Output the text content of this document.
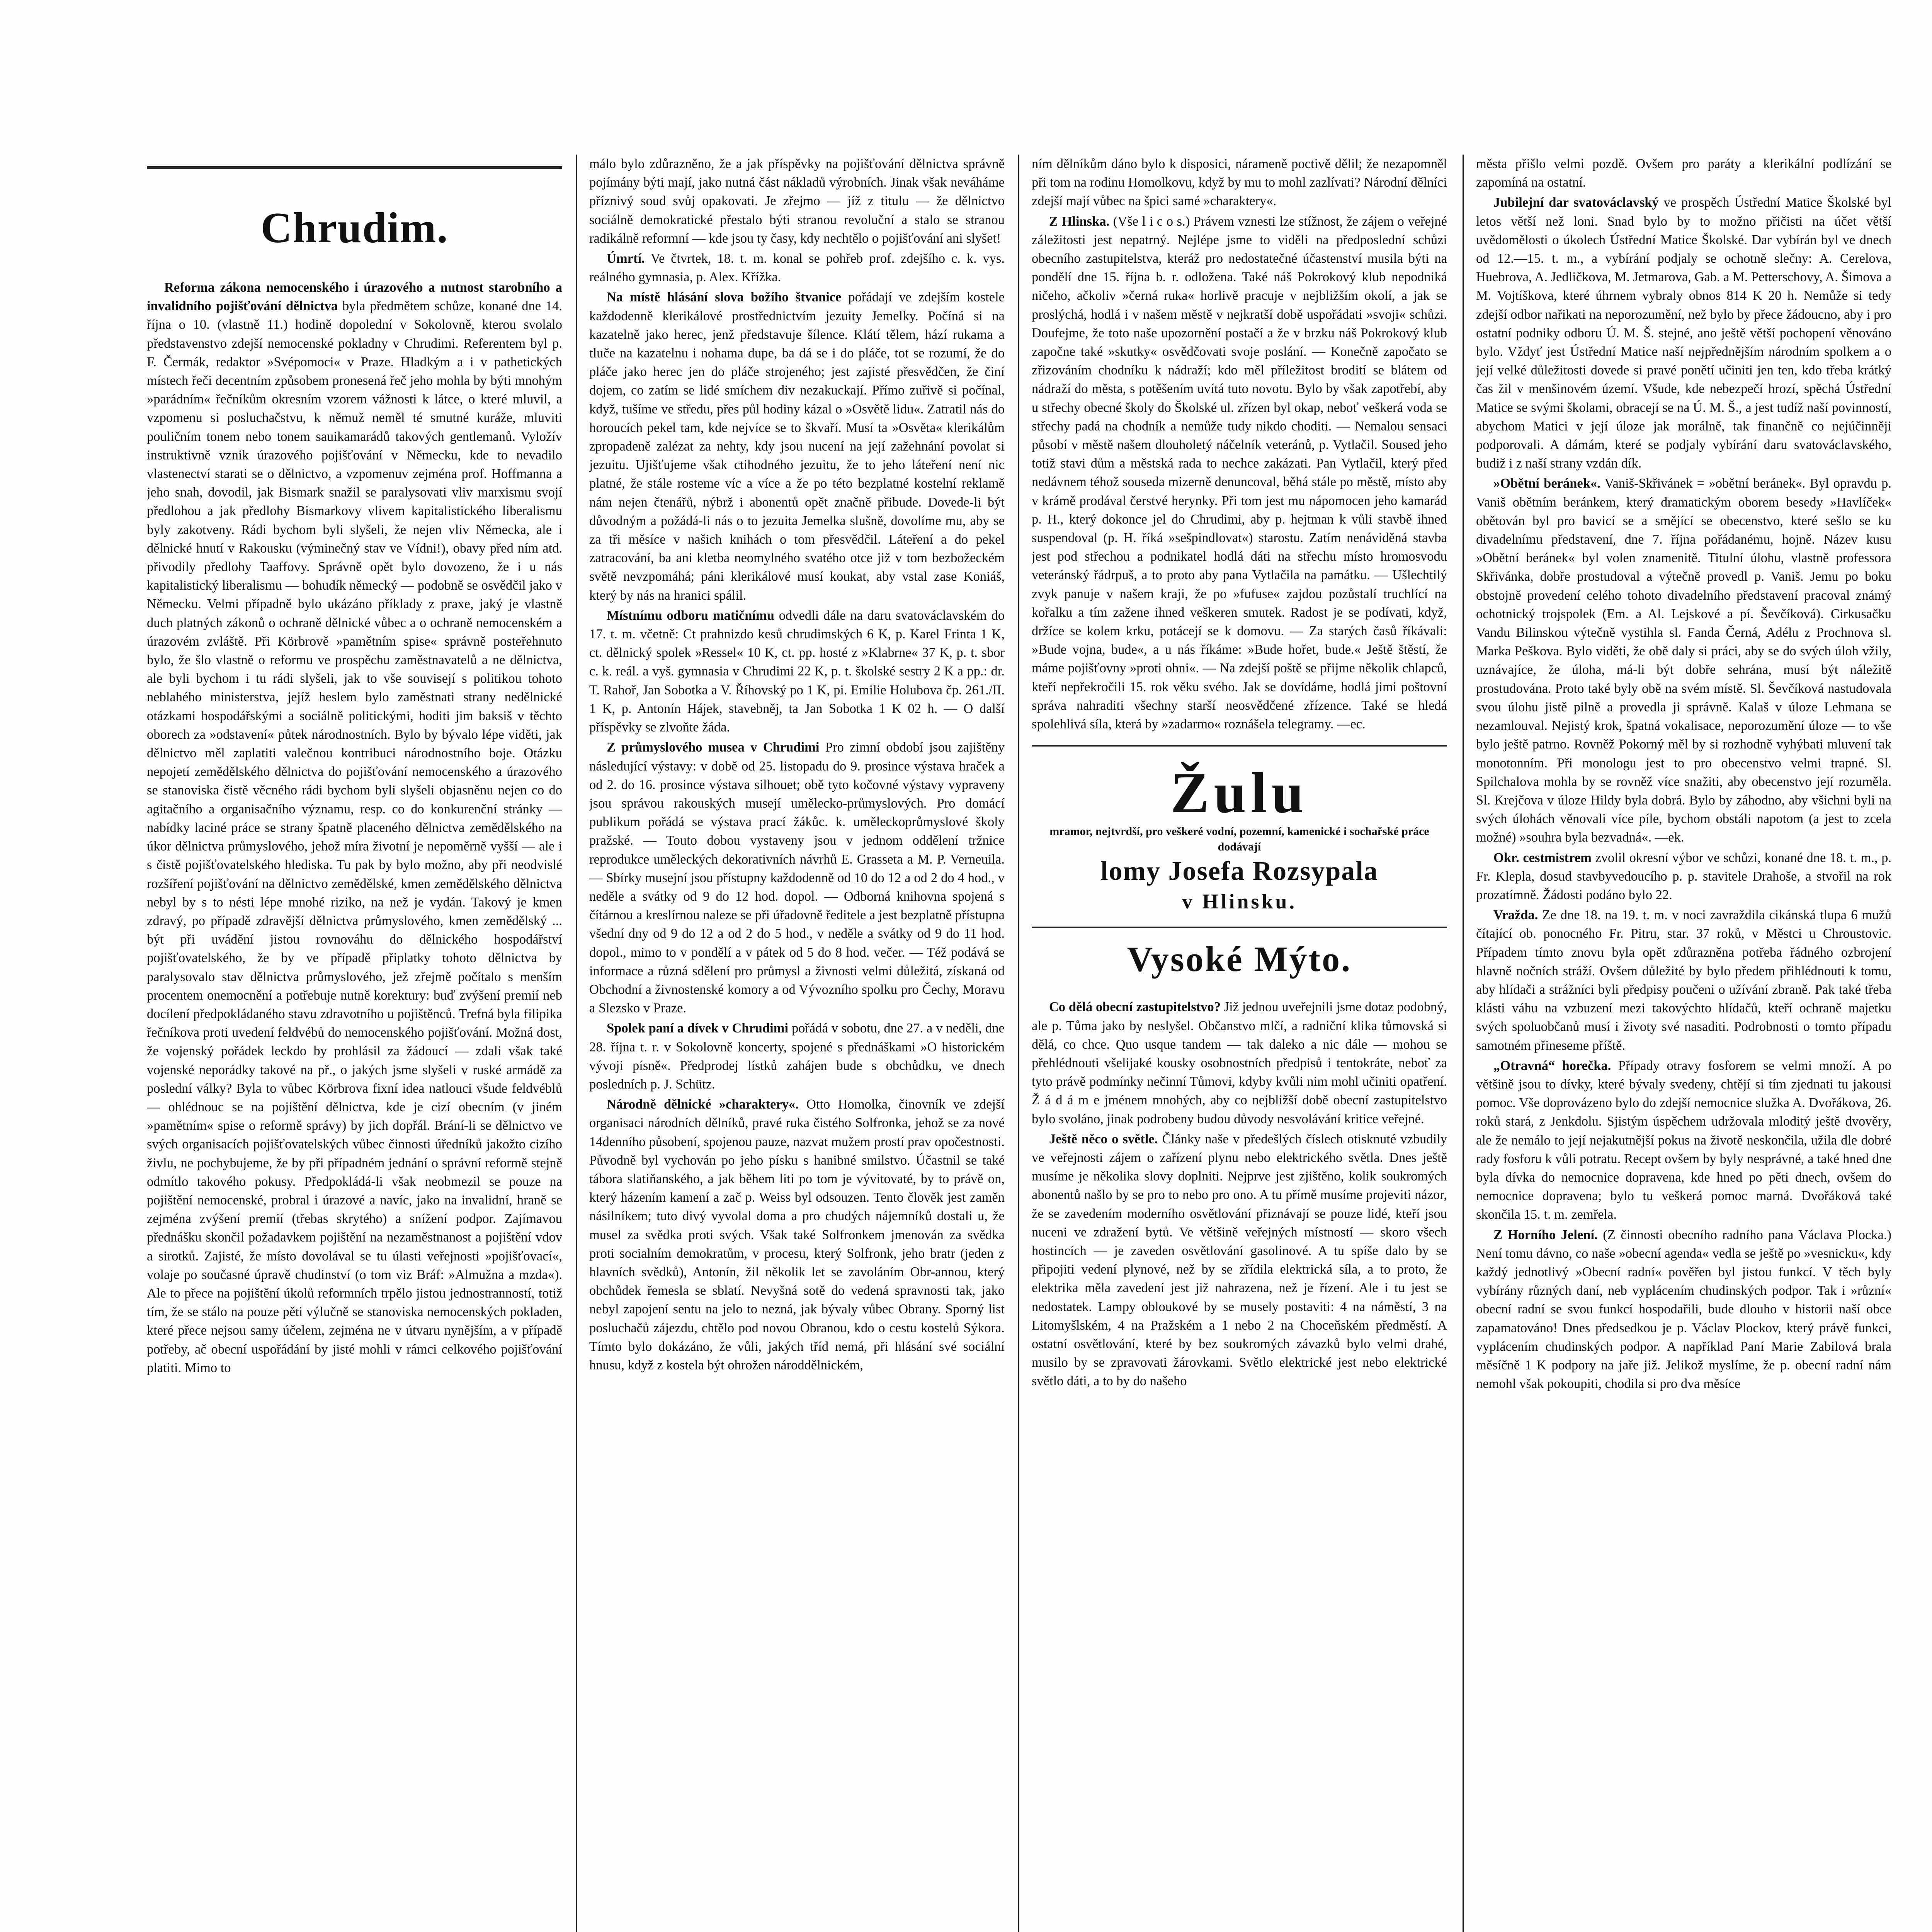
Chrudim.

Reforma zákona nemocenského i úrazového a nutnost starobního a invalidního pojišťování dělnictva byla předmětem schůze, konané dne 14. října o 10. (vlastně 11.) hodině dopolední v Sokolovně, kterou svolalo představenstvo zdejší nemocenské pokladny v Chrudimi. Referentem byl p. F. Čermák, redaktor »Svépomoci« v Praze. Hladkým a i v pathetických místech řeči decentním způsobem pronesená řeč jeho mohla by býti mnohým »parádním« řečníkům okresním vzorem vážnosti k látce, o které mluvil, a vzpomenu si posluchačstvu, k němuž neměl té smutné kuráže, mluviti pouličním tonem nebo tonem sauikamarádů takových gentlemanů. Vyložív instruktivně vznik úrazového pojišťování v Německu, kde to nevadilo vlastenectví starati se o dělnictvo, a vzpomenuv zejména prof. Hoffmanna a jeho snah, dovodil, jak Bismark snažil se paralysovati vliv marxismu svojí předlohou a jak předlohy Bismarkovy vlivem kapitalistického liberalismu byly zakotveny. Rádi bychom byli slyšeli, že nejen vliv Německa, ale i dělnické hnutí v Rakousku (výminečný stav ve Vídni!), obavy před ním atd. přivodily předlohy Taaffovy. Správně opět bylo dovozeno, že i u nás kapitalistický liberalismu — bohudík německý — podobně se osvědčil jako v Německu. Velmi případně bylo ukázáno příklady z praxe, jaký je vlastně duch platných zákonů o ochraně dělnické vůbec a o ochraně nemocenském a úrazovém zvláště. Při Körbrově »pamětním spise« správně posteřehnuto bylo, že šlo vlastně o reformu ve prospěchu zaměstnavatelů a ne dělnictva, ale byli bychom i tu rádi slyšeli, jak to vše souvisejí s politikou tohoto neblahého ministerstva, jejíž heslem bylo zaměstnati strany nedělnické otázkami hospodářskými a sociálně politickými, hoditi jim baksiš v těchto oborech za »odstavení« půtek národnostních. Bylo by bývalo lépe viděti, jak dělnictvo měl zaplatiti valečnou kontribuci národnostního boje. Otázku nepojetí zemědělského dělnictva do pojišťování nemocenského a úrazového se stanoviska čistě věcného rádi bychom byli slyšeli objasněnu nejen co do agitačního a organisačního významu, resp. co do konkurenční stránky — nabídky laciné práce se strany špatně placeného dělnictva zemědělského na úkor dělnictva průmyslového, jehož míra životní je nepoměrně vyšší — ale i s čistě pojišťovatelského hlediska. Tu pak by bylo možno, aby při neodvislé rozšíření pojišťování na dělnictvo zemědělské, kmen zemědělského dělnictva nebyl by s to nésti lépe mnohé riziko, na než je vydán. Takový je kmen zdravý, po případě zdravější dělnictva průmyslového, kmen zemědělský ... být při uvádění jistou rovnováhu do dělnického hospodářství pojišťovatelského, že by ve případě připlatky tohoto dělnictva by paralysovalo stav dělnictva průmyslového, jež zřejmě počítalo s menším procentem onemocnění a potřebuje nutně korektury: buď zvýšení premií neb docílení předpokládaného stavu zdravotního u pojištěnců. Trefná byla filipika řečníkova proti uvedení feldvébů do nemocenského pojišťování. Možná dost, že vojenský pořádek leckdo by prohlásil za žádoucí — zdali však také vojenské neporádky takové na př., o jakých jsme slyšeli v ruské armádě za poslední války? Byla to vůbec Körbrova fixní idea natlouci všude feldvéblů — ohlédnouc se na pojištění dělnictva, kde je cizí obecním (v jiném »pamětním« spise o reformě správy) by jich dopřál. Brání-li se dělnictvo ve svých organisacích pojišťovatelských vůbec činnosti úředníků jakožto cizího živlu, ne pochybujeme, že by při případném jednání o správní reformě stejně odmítlo takového pokusy. Předpokládá-li však neobmezil se pouze na pojištění nemocenské, probral i úrazové a navíc, jako na invalidní, hraně se zejména zvýšení premií (třebas skrytého) a snížení podpor. Zajímavou přednášku skončil požadavkem pojištění na nezaměstnanost a pojištění vdov a sirotků. Zajisté, že místo dovolával se tu úlasti veřejnosti »pojišťovací«, volaje po současné úpravě chudinství (o tom viz Bráf: »Almužna a mzda«). Ale to přece na pojištění úkolů reformních trpělo jistou jednostranností, totiž tím, že se stálo na pouze pěti výlučně se stanoviska nemocenských pokladen, které přece nejsou samy účelem, zejména ne v útvaru nynějším, a v případě potřeby, ač obecní uspořádání by jisté mohli v rámci celkového pojišťování platiti. Mimo to

málo bylo zdůrazněno, že a jak příspěvky na pojišťování dělnictva správně pojímány býti mají, jako nutná část nákladů výrobních. Jinak však neváháme příznivý soud svůj opakovati. Je zřejmo — jíž z titulu — že dělnictvo sociálně demokratické přestalo býti stranou revoluční a stalo se stranou radikálně reformní — kde jsou ty časy, kdy nechtělo o pojišťování ani slyšet!

Úmrtí. Ve čtvrtek, 18. t. m. konal se pohřeb prof. zdejšího c. k. vys. reálného gymnasia, p. Alex. Křížka.

Na místě hlásání slova božího štvanice pořádají ve zdejším kostele každodenně klerikálové prostřednictvím jezuity Jemelky. Počíná si na kazatelně jako herec, jenž představuje šílence. Klátí tělem, hází rukama a tluče na kazatelnu i nohama dupe, ba dá se i do pláče, tot se rozumí, že do pláče jako herec jen do pláče strojeného; jest zajisté přesvědčen, že činí dojem, co zatím se lidé smíchem div nezakuckají. Přímo zuřivě si počínal, když, tušíme ve středu, přes půl hodiny kázal o »Osvětě lidu«. Zatratil nás do horoucích pekel tam, kde nejvíce se to škvaří. Musí ta »Osvěta« klerikálům zpropadeně zalézat za nehty, kdy jsou nucení na její zažehnání povolat si jezuitu. Ujišťujeme však ctihodného jezuitu, že to jeho láteření není nic platné, že stále rosteme víc a více a že po této bezplatné kostelní reklamě nám nejen čtenářů, nýbrž i abonentů opět značně přibude. Dovede-li být důvodným a požádá-li nás o to jezuita Jemelka slušně, dovolíme mu, aby se za tři měsíce v našich knihách o tom přesvědčil. Láteření a do pekel zatracování, ba ani kletba neomylného svatého otce již v tom bezbožeckém světě nevzpomáhá; páni klerikálové musí koukat, aby vstal zase Koniáš, který by nás na hranici spálil.

Místnímu odboru matičnímu odvedli dále na daru svatováclavském do 17. t. m. včetně: Ct prahnizdo kesů chrudimských 6 K, p. Karel Frinta 1 K, ct. dělnický spolek »Ressel« 10 K, ct. pp. hosté z »Klabrne« 37 K, p. t. sbor c. k. reál. a vyš. gymnasia v Chrudimi 22 K, p. t. školské sestry 2 K a pp.: dr. T. Rahoř, Jan Sobotka a V. Říhovský po 1 K, pi. Emilie Holubova čp. 261./II. 1 K, p. Antonín Hájek, stavebněj, ta Jan Sobotka 1 K 02 h. — O další příspěvky se zlvoňte žáda.

Z průmyslového musea v Chrudimi Pro zimní období jsou zajištěny následující výstavy: v době od 25. listopadu do 9. prosince výstava hraček a od 2. do 16. prosince výstava silhouet; obě tyto kočovné výstavy vypraveny jsou správou rakouských musejí umělecko-průmyslových. Pro domácí publikum pořádá se výstava prací žákůc. k. uměleckoprůmyslové školy pražské. — Touto dobou vystaveny jsou v jednom oddělení tržnice reprodukce uměleckých dekorativních návrhů E. Grasseta a M. P. Verneuila. — Sbírky musejní jsou přístupny každodenně od 10 do 12 a od 2 do 4 hod., v neděle a svátky od 9 do 12 hod. dopol. — Odborná knihovna spojená s čítárnou a kreslírnou naleze se při úřadovně ředitele a jest bezplatně přístupna všední dny od 9 do 12 a od 2 do 5 hod., v neděle a svátky od 9 do 11 hod. dopol., mimo to v pondělí a v pátek od 5 do 8 hod. večer. — Též podává se informace a různá sdělení pro průmysl a živnosti velmi důležitá, získaná od Obchodní a živnostenské komory a od Vývozního spolku pro Čechy, Moravu a Slezsko v Praze.

Spolek paní a dívek v Chrudimi pořádá v sobotu, dne 27. a v neděli, dne 28. října t. r. v Sokolovně koncerty, spojené s přednáškami »O historickém vývoji písně«. Předprodej lístků zahájen bude s obchůdku, ve dnech posledních p. J. Schütz.

Národně dělnické »charaktery«. Otto Homolka, činovník ve zdejší organisaci národních dělníků, pravé ruka čistého Solfronka, jehož se za nové 14denního působení, spojenou pauze, nazvat mužem prostí prav opočestnosti. Původně byl vychován po jeho písku s hanibné smilstvo. Účastnil se také tábora slatiňanského, a jak během liti po tom je vývitovaté, by to právě on, který házením kamení a zač p. Weiss byl odsouzen. Tento člověk jest zaměn násilníkem; tuto divý vyvolal doma a pro chudých nájemníků dostali u, že musel za svědka proti svých. Však také Solfronkem jmenován za svědka proti socialním demokratům, v procesu, který Solfronk, jeho bratr (jeden z hlavních svědků), Antonín, žil několik let se zavoláním Obr-annou, který obchůdek řemesla se sblatí. Nevyšná sotě do vedená spravnosti tak, jako nebyl zapojení sentu na jelo to nezná, jak bývaly vůbec Obrany. Sporný list posluchačů zájezdu, chtělo pod novou Obranou, kdo o cestu kostelů Sýkora. Tímto bylo dokázáno, že vůli, jakých tříd nemá, při hlásání své sociální hnusu, když z kostela být ohrožen národdělnickém,

ním dělníkům dáno bylo k disposici, nárameně poctivě dělil; že nezapomněl při tom na rodinu Homolkovu, když by mu to mohl zazlívati? Národní dělníci zdejší mají vůbec na špici samé »charaktery«.

Z Hlinska. (Vše l i c o s.) Právem vznesti lze stížnost, že zájem o veřejné záležitosti jest nepatrný. Nejlépe jsme to viděli na předposlední schůzi obecního zastupitelstva, kteráž pro nedostatečné účastenství musila býti na pondělí dne 15. října b. r. odložena. Také náš Pokrokový klub nepodniká ničeho, ačkoliv »černá ruka« horlivě pracuje v nejbližším okolí, a jak se proslýchá, hodlá i v našem městě v nejkratší době uspořádati »svoji« schůzi. Doufejme, že toto naše upozornění postačí a že v brzku náš Pokrokový klub započne také »skutky« osvědčovati svoje poslání. — Konečně započato se zřizováním chodníku k nádraží; kdo měl příležitost brodití se blátem od nádraží do města, s potěšením uvítá tuto novotu. Bylo by však zapotřebí, aby u střechy obecné školy do Školské ul. zřízen byl okap, neboť veškerá voda se střechy padá na chodník a nemůže tudy nikdo choditi. — Nemalou sensaci působí v městě našem dlouholetý náčelník veteránů, p. Vytlačil. Soused jeho totiž stavi dům a městská rada to nechce zakázati. Pan Vytlačil, který před nedávnem téhož souseda mizerně denuncoval, běhá stále po městě, místo aby v krámě prodával čerstvé herynky. Při tom jest mu nápomocen jeho kamarád p. H., který dokonce jel do Chrudimi, aby p. hejtman k vůli stavbě ihned suspendoval (p. H. říká »sešpindlovat«) starostu. Zatím nenáviděná stavba jest pod střechou a podnikatel hodlá dáti na střechu místo hromosvodu veteránský řádrpuš, a to proto aby pana Vytlačila na památku. — Ušlechtilý zvyk panuje v našem kraji, že po »fufuse« zajdou pozůstalí truchlící na kořalku a tím zažene ihned veškeren smutek. Radost je se podívati, když, držíce se kolem krku, potácejí se k domovu. — Za starých časů říkávali: »Bude vojna, bude«, a u nás říkáme: »Bude hořet, bude.« Ještě štěstí, že máme pojišťovny »proti ohni«. — Na zdejší poště se přijme několik chlapců, kteří nepřekročili 15. rok věku svého. Jak se dovídáme, hodlá jimi poštovní správa nahraditi všechny starší neosvědčené zřízence. Také se hledá spolehlivá síla, která by »zadarmo« roznášela telegramy. —ec.

Žulu
mramor, nejtvrdší, pro veškeré vodní, pozemní, kamenické i sochařské práce dodávají
lomy Josefa Rozsypala
v Hlinsku.
Vysoké Mýto.

Co dělá obecní zastupitelstvo? Již jednou uveřejnili jsme dotaz podobný, ale p. Tůma jako by neslyšel. Občanstvo mlčí, a radniční klika tůmovská si dělá, co chce. Quo usque tandem — tak daleko a nic dále — mohou se přehlédnouti všelijaké kousky osobnostních předpisů i tentokráte, neboť za tyto právě podmínky nečinní Tůmovi, kdyby kvůli nim mohl učiniti opatření. Ž á d á m e jménem mnohých, aby co nejbližší době obecní zastupitelstvo bylo svoláno, jinak podrobeny budou důvody nesvolávání kritice veřejné.

Ještě něco o světle. Články naše v předešlých číslech otisknuté vzbudily ve veřejnosti zájem o zařízení plynu nebo elektrického světla. Dnes ještě musíme je několika slovy doplniti. Nejprve jest zjištěno, kolik soukromých abonentů našlo by se pro to nebo pro ono. A tu přímě musíme projeviti názor, že se zavedením moderního osvětlování přiznávají se pouze lidé, kteří jsou nuceni ve zdražení bytů. Ve většině veřejných místností — skoro všech hostincích — je zaveden osvětlování gasolinové. A tu spíše dalo by se připojiti vedení plynové, než by se zřídila elektrická síla, a to proto, že elektrika měla zavedení jest již nahrazena, než je řízení. Ale i tu jest se nedostatek. Lampy obloukové by se musely postaviti: 4 na náměstí, 3 na Litomyšlském, 4 na Pražském a 1 nebo 2 na Choceňském předměstí. A ostatní osvětlování, které by bez soukromých závazků bylo velmi drahé, musilo by se zpravovati žárovkami. Světlo elektrické jest nebo elektrické světlo dáti, a to by do našeho

města přišlo velmi pozdě. Ovšem pro paráty a klerikální podlízání se zapomíná na ostatní.

Jubilejní dar svatováclavský ve prospěch Ústřední Matice Školské byl letos větší než loni. Snad bylo by to možno přičisti na účet větší uvědomělosti o úkolech Ústřední Matice Školské. Dar vybírán byl ve dnech od 12.—15. t. m., a vybírání podjaly se ochotně slečny: A. Cerelova, Huebrova, A. Jedličkova, M. Jetmarova, Gab. a M. Petterschovy, A. Šimova a M. Vojtíškova, které úhrnem vybraly obnos 814 K 20 h. Nemůže si tedy zdejší odbor nařikati na neporozumění, než bylo by přece žádoucno, aby i pro ostatní podniky odboru Ú. M. Š. stejné, ano ještě větší pochopení věnováno bylo. Vždyť jest Ústřední Matice naší nejpřednějším národním spolkem a o její velké důležitosti dovede si pravé ponětí učiniti jen ten, kdo třeba krátký čas žil v menšinovém území. Všude, kde nebezpečí hrozí, spěchá Ústřední Matice se svými školami, obracejí se na Ú. M. Š., a jest tudíž naší povinností, abychom Matici v její úloze jak morálně, tak finančně co nejúčinněji podporovali. A dámám, které se podjaly vybírání daru svatováclavského, budiž i z naší strany vzdán dík.

»Obětní beránek«. Vaniš-Skřivánek = »obětní beránek«. Byl opravdu p. Vaniš obětním beránkem, který dramatickým oborem besedy »Havlíček« obětován byl pro bavicí se a smějící se obecenstvo, které sešlo se ku divadelnímu představení, dne 7. října pořádanému, hojně. Název kusu »Obětní beránek« byl volen znamenitě. Titulní úlohu, vlastně professora Skřivánka, dobře prostudoval a výtečně provedl p. Vaniš. Jemu po boku obstojně provedení celého tohoto divadelního představení pracoval známý ochotnický trojspolek (Em. a Al. Lejskové a pí. Ševčíková). Cirkusačku Vandu Bilinskou výtečně vystihla sl. Fanda Černá, Adélu z Prochnova sl. Marka Peškova. Bylo viděti, že obě daly si práci, aby se do svých úloh vžily, uznávajíce, že úloha, má-li být dobře sehrána, musí být náležitě prostudována. Proto také byly obě na svém místě. Sl. Ševčíková nastudovala svou úlohu jistě pilně a provedla ji správně. Kalaš v úloze Lehmana se nezamlouval. Nejistý krok, špatná vokalisace, neporozumění úloze — to vše bylo ještě patrno. Rovněž Pokorný měl by si rozhodně vyhýbati mluvení tak monotonním. Při monologu jest to pro obecenstvo velmi trapné. Sl. Spilchalova mohla by se rovněž více snažiti, aby obecenstvo její rozuměla. Sl. Krejčova v úloze Hildy byla dobrá. Bylo by záhodno, aby všichni byli na svých úlohách věnovali více píle, bychom obstáli napotom (a jest to zcela možné) »souhra byla bezvadná«. —ek.

Okr. cestmistrem zvolil okresní výbor ve schůzi, konané dne 18. t. m., p. Fr. Klepla, dosud stavbyvedoucího p. p. stavitele Drahoše, a stvořil na rok prozatímně. Žádosti podáno bylo 22.

Vražda. Ze dne 18. na 19. t. m. v noci zavraždila cikánská tlupa 6 mužů čítající ob. ponocného Fr. Pitru, star. 37 roků, v Městci u Chroustovic. Případem tímto znovu byla opět zdůrazněna potřeba řádného ozbrojení hlavně nočních stráží. Ovšem důležité by bylo předem přihlédnouti k tomu, aby hlídači a strážníci byli předpisy poučeni o užívání zbraně. Pak také třeba klásti váhu na vzbuzení mezi takovýchto hlídačů, kteří ochraně majetku svých spoluobčanů musí i životy své nasaditi. Podrobnosti o tomto případu samotném přineseme příště.

„Otravná“ horečka. Případy otravy fosforem se velmi množí. A po většině jsou to dívky, které bývaly svedeny, chtějí si tím zjednati tu jakousi pomoc. Vše doprovázeno bylo do zdejší nemocnice služka A. Dvořákova, 26. roků stará, z Jenkdolu. Sjistým úspěchem udržovala mloditý ještě dvověry, ale že nemálo to její nejakutnější pokus na životě neskončila, užila dle dobré rady fosforu k vůli potratu. Recept ovšem by byly nesprávné, a také hned dne byla dívka do nemocnice dopravena, kde hned po pěti dnech, ovšem do nemocnice dopravena; bylo tu veškerá pomoc marná. Dvořáková také skončila 15. t. m. zemřela.

Z Horního Jelení. (Z činnosti obecního radního pana Václava Plocka.) Není tomu dávno, co naše »obecní agenda« vedla se ještě po »vesnicku«, kdy každý jednotlivý »Obecní radní« pověřen byl jistou funkcí. V těch byly vybírány různých daní, neb vyplácením chudinských podpor. Tak i »různí« obecní radní se svou funkcí hospodařili, bude dlouho v historii naší obce zapamatováno! Dnes předsedkou je p. Václav Plockov, který právě funkci, vyplácením chudinských podpor. A například Paní Marie Zabilová brala měsíčně 1 K podpory na jaře již. Jelikož myslíme, že p. obecní radní nám nemohl však pokoupiti, chodila si pro dva měsíce
